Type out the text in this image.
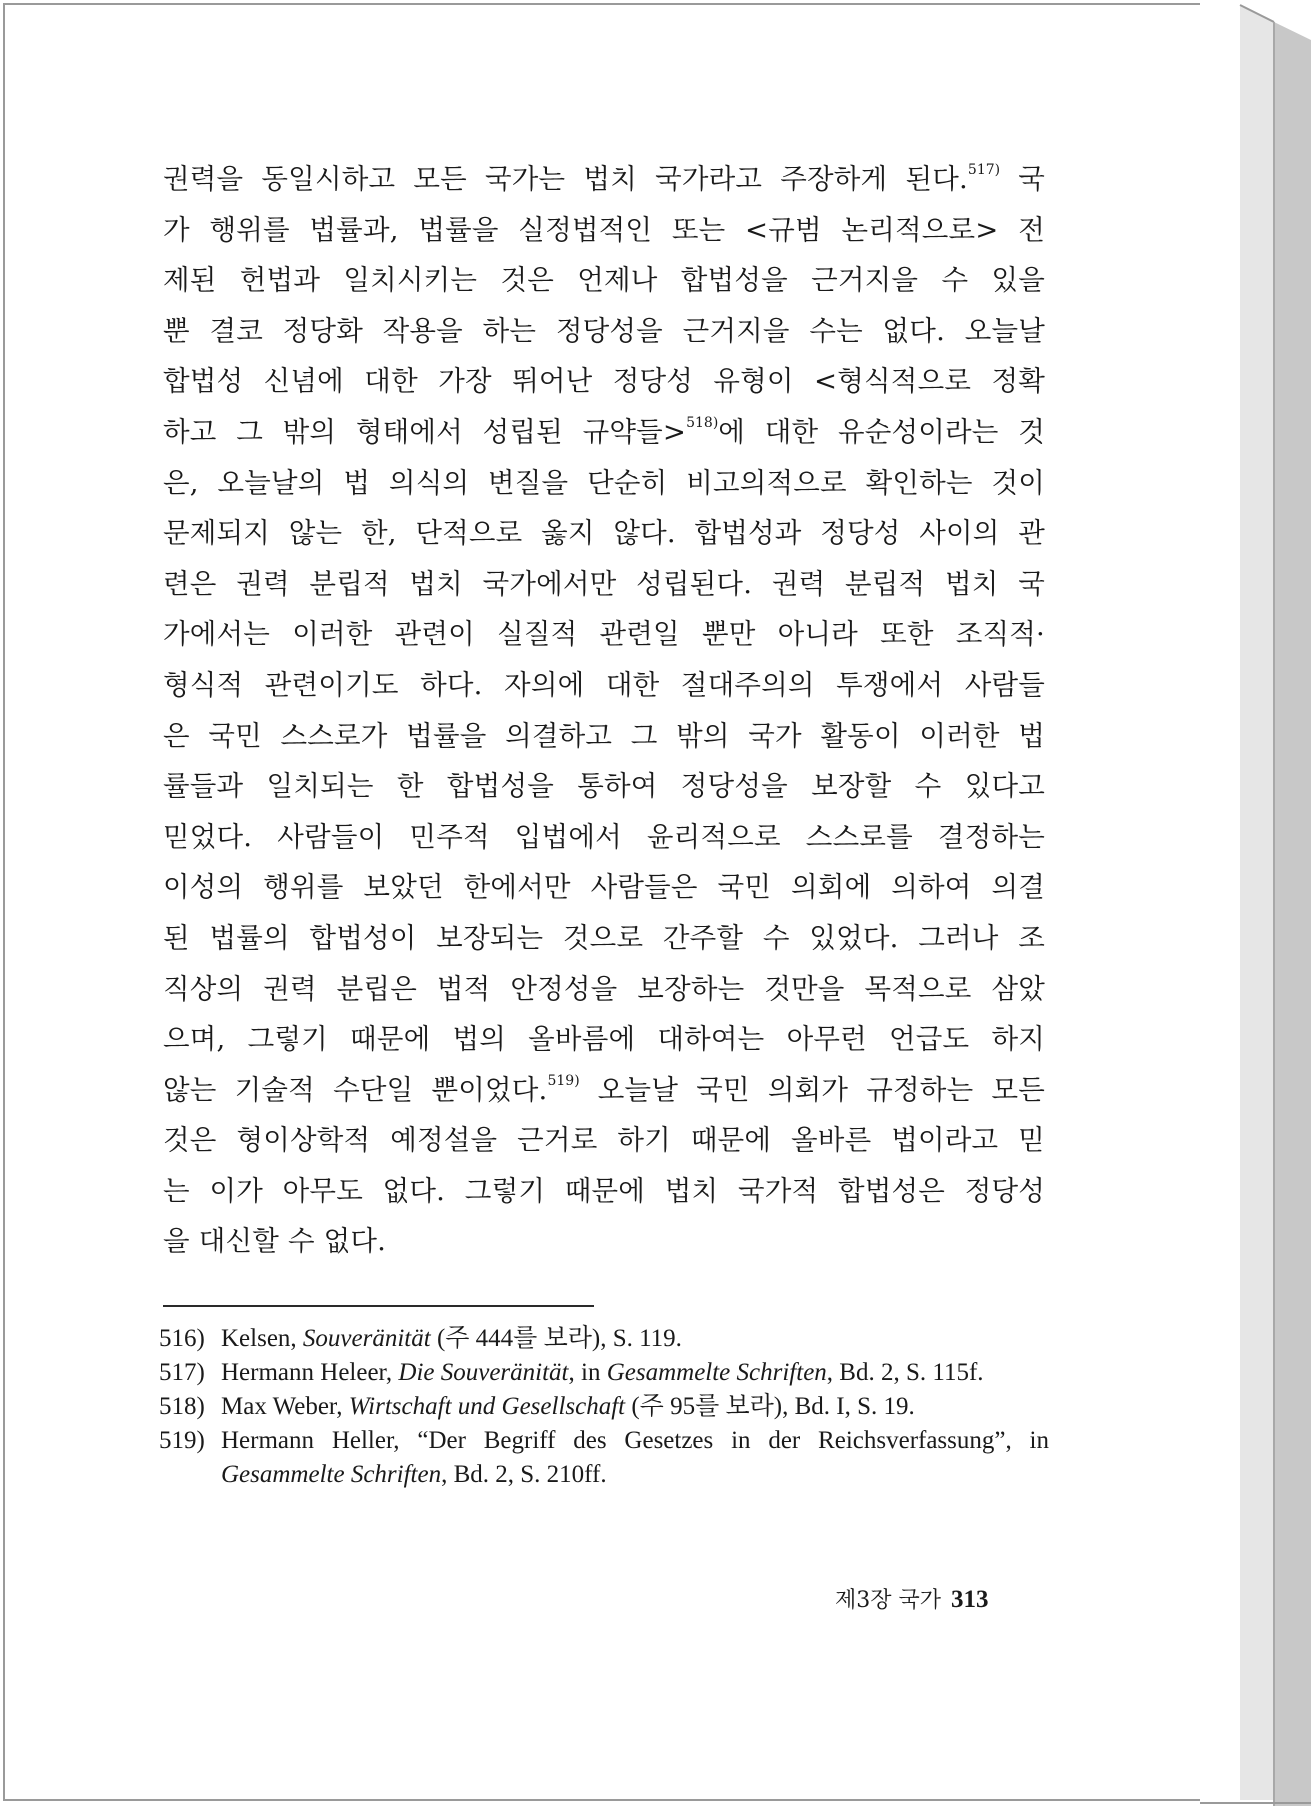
권력을 동일시하고 모든 국가는 법치 국가라고 주장하게 된다.$^{517)}$ 국
가 행위를 법률과, 법률을 실정법적인 또는 <규범 논리적으로> 전
제된 헌법과 일치시키는 것은 언제나 합법성을 근거지을 수 있을
뿐 결코 정당화 작용을 하는 정당성을 근거지을 수는 없다. 오늘날
합법성 신념에 대한 가장 뛰어난 정당성 유형이 <형식적으로 정확
하고 그 밖의 형태에서 성립된 규약들>$^{518)}$에 대한 유순성이라는 것
은, 오늘날의 법 의식의 변질을 단순히 비고의적으로 확인하는 것이
문제되지 않는 한, 단적으로 옳지 않다. 합법성과 정당성 사이의 관
련은 권력 분립적 법치 국가에서만 성립된다. 권력 분립적 법치 국
가에서는 이러한 관련이 실질적 관련일 뿐만 아니라 또한 조직적·
형식적 관련이기도 하다. 자의에 대한 절대주의의 투쟁에서 사람들
은 국민 스스로가 법률을 의결하고 그 밖의 국가 활동이 이러한 법
률들과 일치되는 한 합법성을 통하여 정당성을 보장할 수 있다고
믿었다. 사람들이 민주적 입법에서 윤리적으로 스스로를 결정하는
이성의 행위를 보았던 한에서만 사람들은 국민 의회에 의하여 의결
된 법률의 합법성이 보장되는 것으로 간주할 수 있었다. 그러나 조
직상의 권력 분립은 법적 안정성을 보장하는 것만을 목적으로 삼았
으며, 그렇기 때문에 법의 올바름에 대하여는 아무런 언급도 하지
않는 기술적 수단일 뿐이었다.$^{519)}$ 오늘날 국민 의회가 규정하는 모든
것은 형이상학적 예정설을 근거로 하기 때문에 올바른 법이라고 믿
는 이가 아무도 없다. 그렇기 때문에 법치 국가적 합법성은 정당성
을 대신할 수 없다.
516) Kelsen, Souveränität (주 444를 보라), S. 119.
517) Hermann Heleer, Die Souveränität, in Gesammelte Schriften, Bd. 2, S. 115f.
518) Max Weber, Wirtschaft und Gesellschaft (주 95를 보라), Bd. I, S. 19.
519) Hermann Heller, “Der Begriff des Gesetzes in der Reichsverfassung”, in Gesammelte Schriften, Bd. 2, S. 210ff.
제3장 국가 313
